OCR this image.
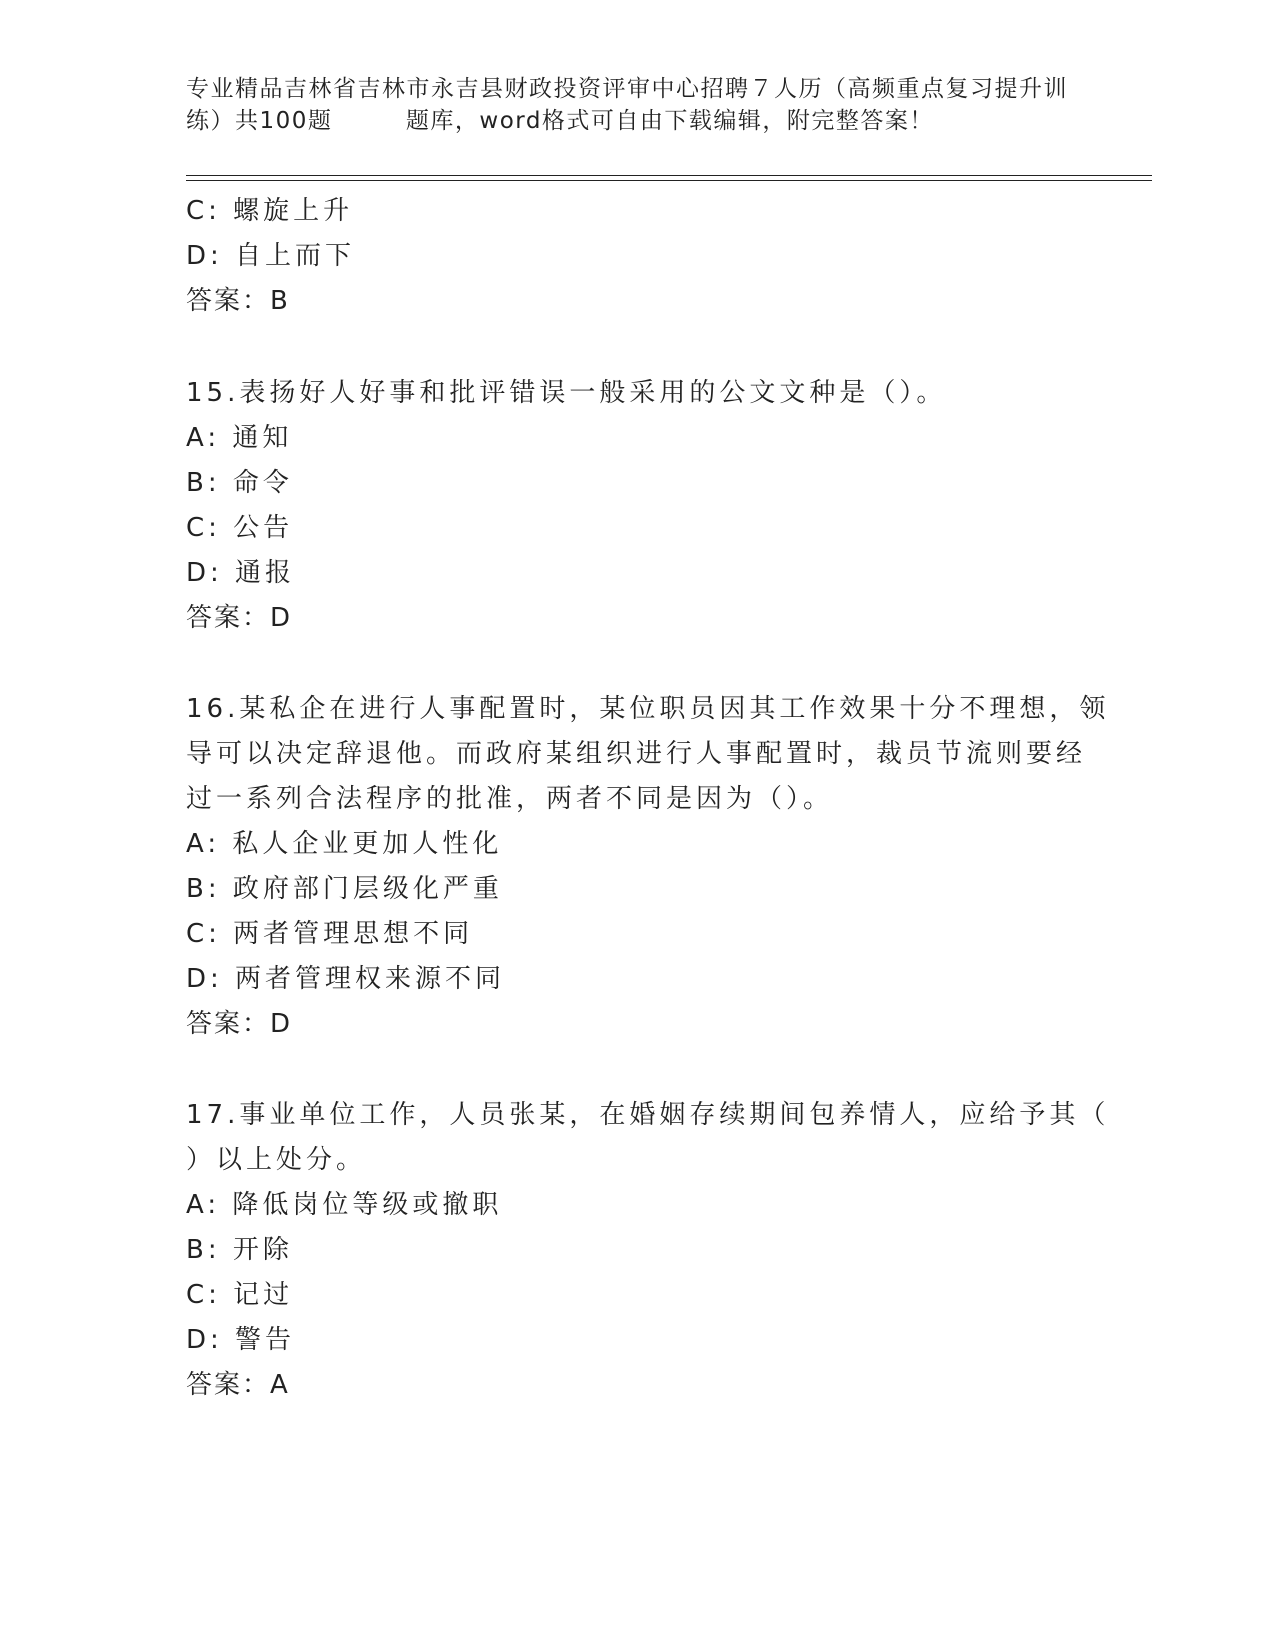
专业精品吉林省吉林市永吉县财政投资评审中心招聘７人历（高频重点复习提升训
练）共100题　　　题库，word格式可自由下载编辑，附完整答案！
C: 螺旋上升
D: 自上而下
答案：B
15.表扬好人好事和批评错误一般采用的公文文种是（）。
A: 通知
B: 命令
C: 公告
D: 通报
答案：D
16.某私企在进行人事配置时，某位职员因其工作效果十分不理想，领
导可以决定辞退他。而政府某组织进行人事配置时，裁员节流则要经
过一系列合法程序的批准，两者不同是因为（）。
A: 私人企业更加人性化
B: 政府部门层级化严重
C: 两者管理思想不同
D: 两者管理权来源不同
答案：D
17.事业单位工作，人员张某，在婚姻存续期间包养情人，应给予其（
）以上处分。
A: 降低岗位等级或撤职
B: 开除
C: 记过
D: 警告
答案：A
